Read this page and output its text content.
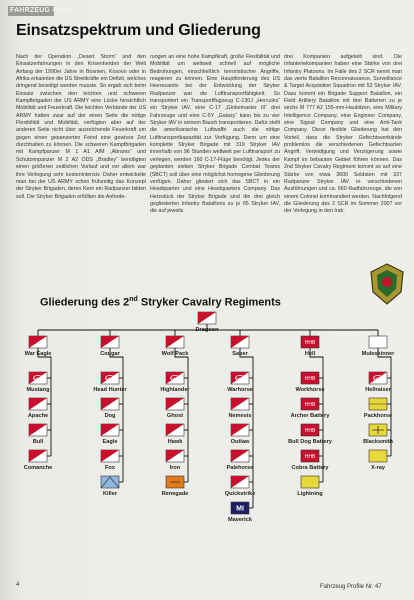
FAHRZEUG Profile
Einsatzspektrum und Gliederung
Nach der Operation „Desert Storm“ und den Einsatzerfahrungen in den Krisenherden der Welt Anfang der 1990er Jahre in Bosnien, Kosovo oder in Afrika erkannten die US Streitkräfte ein Defizit, welches dringend beseitigt werden musste. So ergab sich beim Einsatz zwischen den leichten und schweren Kampfbrigaden der US ARMY eine Lücke hinsichtlich Mobilität und Feuerkraft. Die leichten Verbände der US ARMY hatten zwar auf der einen Seite die nötige Flexibilität und Mobilität, verfügten aber auf der anderen Seite nicht über ausreichende Feuerkraft um gegen einen gepanzerten Feind eine gewisse Zeit durchhalten zu können. Die schweren Kampfbrigaden mit Kampfpanzer M 1 A1 AIM „Abrams“ und Schützenpanzer M 2 A2 ODS „Bradley“ benötigten einen größeren zeitlichen Vorlauf und vor allem war ihre Verlegung sehr kostenintensiv. Daher entwickelte man bei der US ARMY schon frühzeitig das Konzept der Stryker Brigaden, deren Kern ein Radpanzer bilden soll. Die Stryker Brigaden erfüllten die Anforde-
rungen an eine hohe Kampfkraft, große Flexibilität und Mobilität um weltweit schnell auf mögliche Bedrohungen, einschließlich terroristischer Angriffe, reagieren zu können. Eine Hauptforderung des US Heeresamts bei der Entwicklung der Stryker Radpanzer war die Lufttransportfähigkeit. So transportiert ein Transportflugzeug C-130J „Hercules“ ein Stryker IAV, eine C-17 „Globemaster III“ drei Fahrzeuge und eine C-5Y „Galaxy“ kann bis zu vier Stryker IAV in seinem Bauch transportieren. Dafür stellt die amerikanische Luftwaffe auch die nötige Lufttransportkapazität zur Verfügung. Denn um eine komplette Stryker Brigade mit 319 Stryker IAV innerhalb von 96 Stunden weltweit per Lufttransport zu verlegen, werden 160 C-17-Flüge benötigt. Jedes der geplanten sieben Stryker Brigade Combat Teams (SBCT) soll über eine möglichst homogene Gliederung verfügen. Daher gliedert sich das SBCT in ein Headquarter und eine Headquarters Company. Das Herzstück der Stryker Brigade sind die drei gleich gegliederten Infantry Bataillons zu je 65 Stryker IAV, die auf jeweils
drei Kompanien aufgeteilt sind. Die Infanteriekompanien haben eine Stärke von drei Infantry Platoons. Im Falle des 2 SCR nennt man das vierte Bataillon Reconnaissance, Surveillance & Target Acquisition Squadron mit 53 Stryker IAV. Dazu kommt ein Brigade Support Bataillon, ein Field Artillery Bataillon mit drei Batterien zu je sechs M 777 A2 155-mm-Haubitzen, eine Military Intelligence Company, eine Engineer Company, eine Signal Company und eine Anti-Tank Company. Diese flexible Gliederung hat den Vorteil, dass die Stryker Gefechtsverbände problemlos die verschiedenen Gefechtsarten Angriff, Verteidigung und Verzögerung sowie Kampf im bebauten Gebiet führen können. Das 2nd Stryker Cavalry Regiment kommt so auf eine Stärke von etwa 3600 Soldaten mit 337 Radpanzer Stryker IAV in verschiedenen Ausführungen und ca. 660 Radfahrzeuge, die von einem Colonel kommandiert werden. Nachfolgend die Gliederung des 2 SCR im Sommer 2007 vor der Verlegung in den Irak:
Gliederung des 2nd Stryker Cavalry Regiments
Dragoon
War Eagle
HHT
Mustang
Apache
Bull
Comanche
Cougar
HHT
Head Hunter
Dog
Eagle
Fox
Killer
Wolf Pack
HHT
Highlander
Ghost
Hawk
Iron
Renegade
Saber
HHT
Warhorse
Nemesis
Outlaw
Palehorse
Quickstrike
MI
Maverick
HHB
Hell
HHB
Workhorse
HHB
Archer Battery
HHB
Bull Dog Battery
HHB
Cobra Battery
Lightning
Muleskinner
HHT
Hellraiser
Packhorse
Blacksmith
X-ray
4	Fahrzeug Profile Nr. 47
